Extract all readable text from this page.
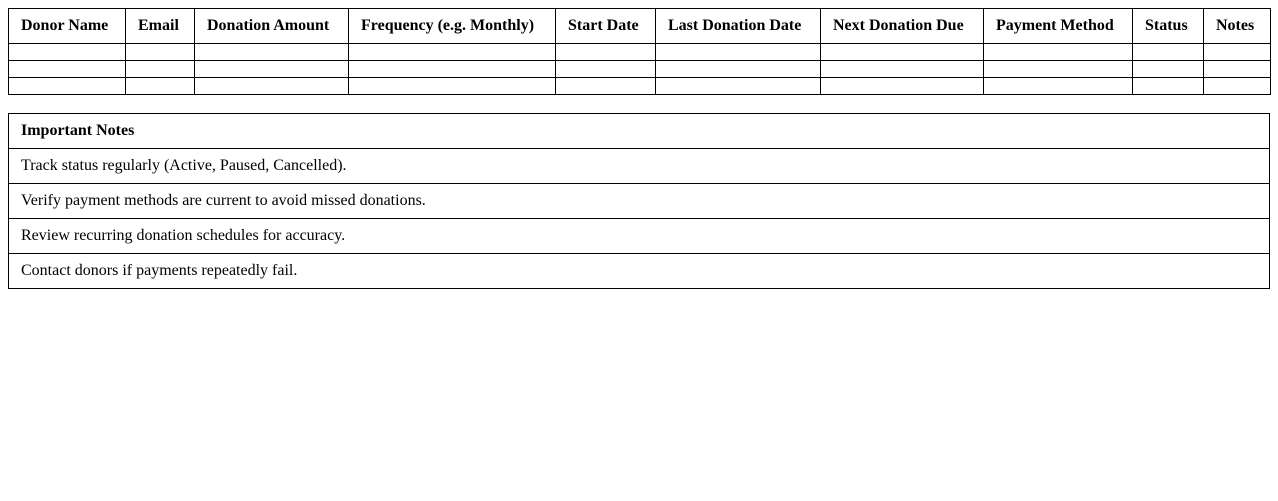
Donor Name	Email	Donation Amount	Frequency (e.g. Monthly)	Start Date	Last Donation Date	Next Donation Due	Payment Method	Status	Notes

Important Notes
Track status regularly (Active, Paused, Cancelled).
Verify payment methods are current to avoid missed donations.
Review recurring donation schedules for accuracy.
Contact donors if payments repeatedly fail.
